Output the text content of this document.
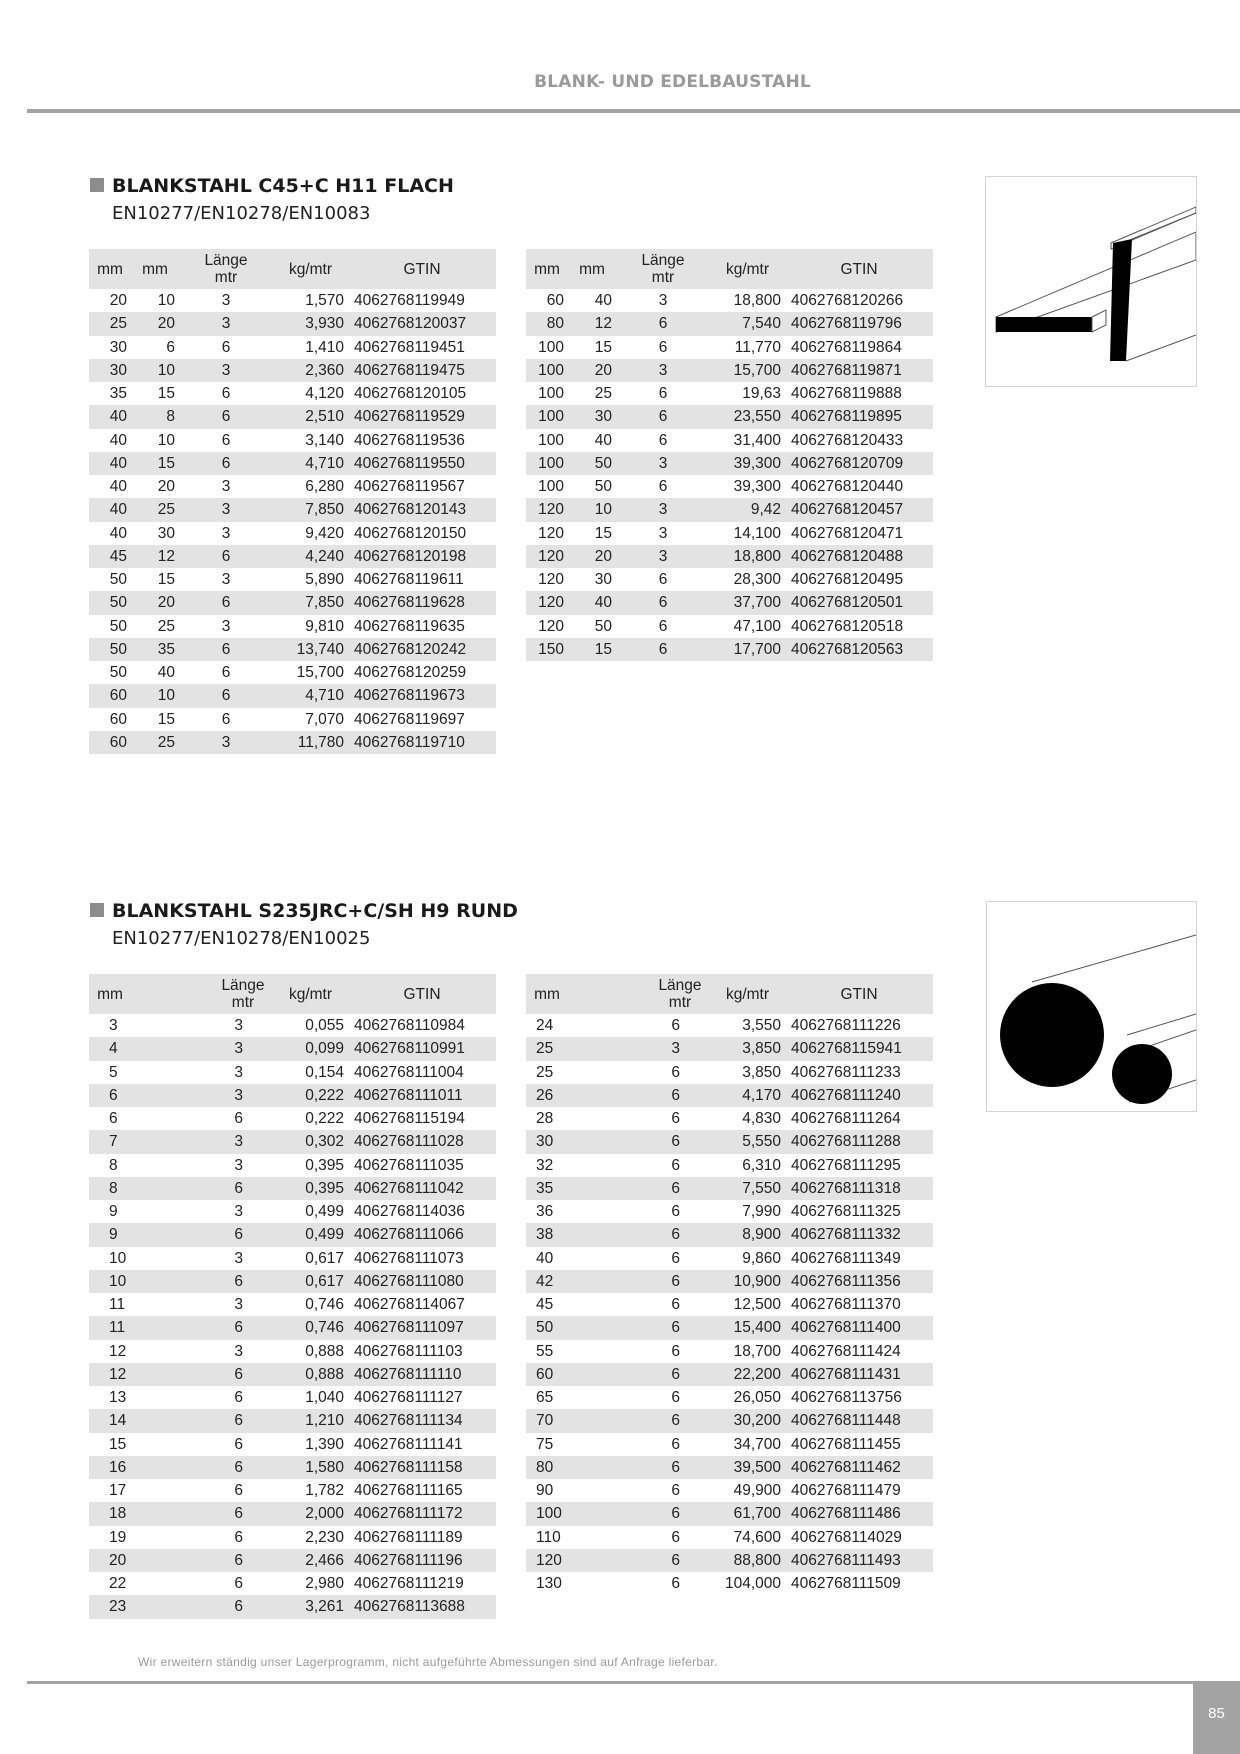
BLANK- UND EDELBAUSTAHL
BLANKSTAHL C45+C H11 FLACH
EN10277/EN10278/EN10083
mm	mm	Länge mtr	kg/mtr	GTIN
20	10	3	1,570	4062768119949
25	20	3	3,930	4062768120037
30	6	6	1,410	4062768119451
30	10	3	2,360	4062768119475
35	15	6	4,120	4062768120105
40	8	6	2,510	4062768119529
40	10	6	3,140	4062768119536
40	15	6	4,710	4062768119550
40	20	3	6,280	4062768119567
40	25	3	7,850	4062768120143
40	30	3	9,420	4062768120150
45	12	6	4,240	4062768120198
50	15	3	5,890	4062768119611
50	20	6	7,850	4062768119628
50	25	3	9,810	4062768119635
50	35	6	13,740	4062768120242
50	40	6	15,700	4062768120259
60	10	6	4,710	4062768119673
60	15	6	7,070	4062768119697
60	25	3	11,780	4062768119710
mm	mm	Länge mtr	kg/mtr	GTIN
60	40	3	18,800	4062768120266
80	12	6	7,540	4062768119796
100	15	6	11,770	4062768119864
100	20	3	15,700	4062768119871
100	25	6	19,63	4062768119888
100	30	6	23,550	4062768119895
100	40	6	31,400	4062768120433
100	50	3	39,300	4062768120709
100	50	6	39,300	4062768120440
120	10	3	9,42	4062768120457
120	15	3	14,100	4062768120471
120	20	3	18,800	4062768120488
120	30	6	28,300	4062768120495
120	40	6	37,700	4062768120501
120	50	6	47,100	4062768120518
150	15	6	17,700	4062768120563
BLANKSTAHL S235JRC+C/SH H9 RUND
EN10277/EN10278/EN10025
mm	Länge mtr	kg/mtr	GTIN
3	3	0,055	4062768110984
4	3	0,099	4062768110991
5	3	0,154	4062768111004
6	3	0,222	4062768111011
6	6	0,222	4062768115194
7	3	0,302	4062768111028
8	3	0,395	4062768111035
8	6	0,395	4062768111042
9	3	0,499	4062768114036
9	6	0,499	4062768111066
10	3	0,617	4062768111073
10	6	0,617	4062768111080
11	3	0,746	4062768114067
11	6	0,746	4062768111097
12	3	0,888	4062768111103
12	6	0,888	4062768111110
13	6	1,040	4062768111127
14	6	1,210	4062768111134
15	6	1,390	4062768111141
16	6	1,580	4062768111158
17	6	1,782	4062768111165
18	6	2,000	4062768111172
19	6	2,230	4062768111189
20	6	2,466	4062768111196
22	6	2,980	4062768111219
23	6	3,261	4062768113688
mm	Länge mtr	kg/mtr	GTIN
24	6	3,550	4062768111226
25	3	3,850	4062768115941
25	6	3,850	4062768111233
26	6	4,170	4062768111240
28	6	4,830	4062768111264
30	6	5,550	4062768111288
32	6	6,310	4062768111295
35	6	7,550	4062768111318
36	6	7,990	4062768111325
38	6	8,900	4062768111332
40	6	9,860	4062768111349
42	6	10,900	4062768111356
45	6	12,500	4062768111370
50	6	15,400	4062768111400
55	6	18,700	4062768111424
60	6	22,200	4062768111431
65	6	26,050	4062768113756
70	6	30,200	4062768111448
75	6	34,700	4062768111455
80	6	39,500	4062768111462
90	6	49,900	4062768111479
100	6	61,700	4062768111486
110	6	74,600	4062768114029
120	6	88,800	4062768111493
130	6	104,000	4062768111509
Wir erweitern ständig unser Lagerprogramm, nicht aufgeführte Abmessungen sind auf Anfrage lieferbar.
85
